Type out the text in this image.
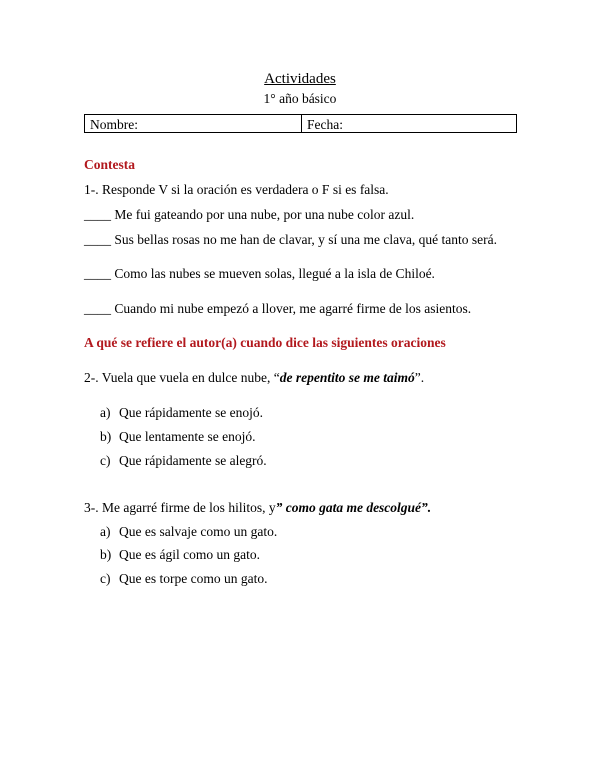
Actividades
1° año básico
Nombre:	Fecha:
Contesta
1-. Responde V si la oración es verdadera o F si es falsa.
____ Me fui gateando por una nube, por una nube color azul.
____ Sus bellas rosas no me han de clavar, y sí una me clava, qué tanto será.
____ Como las nubes se mueven solas, llegué a la isla de Chiloé.
____ Cuando mi nube empezó a llover, me agarré firme de los asientos.
A qué se refiere el autor(a) cuando dice las siguientes oraciones
2-. Vuela que vuela en dulce nube, “de repentito se me taimó”.
a) Que rápidamente se enojó.
b) Que lentamente se enojó.
c) Que rápidamente se alegró.
3-. Me agarré firme de los hilitos, y” como gata me descolgué”.
a) Que es salvaje como un gato.
b) Que es ágil como un gato.
c) Que es torpe como un gato.
